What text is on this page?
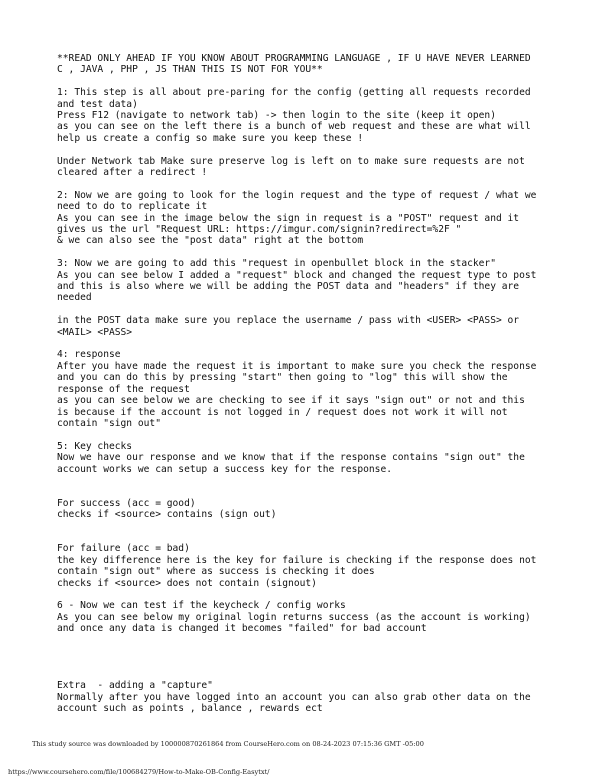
**READ ONLY AHEAD IF YOU KNOW ABOUT PROGRAMMING LANGUAGE , IF U HAVE NEVER LEARNED

C , JAVA , PHP , JS THAN THIS IS NOT FOR YOU**

1: This step is all about pre-paring for the config (getting all requests recorded

and test data)

Press F12 (navigate to network tab) -> then login to the site (keep it open)

as you can see on the left there is a bunch of web request and these are what will

help us create a config so make sure you keep these !

Under Network tab Make sure preserve log is left on to make sure requests are not

cleared after a redirect !

2: Now we are going to look for the login request and the type of request / what we

need to do to replicate it

As you can see in the image below the sign in request is a "POST" request and it

gives us the url "Request URL: https://imgur.com/signin?redirect=%2F "

& we can also see the "post data" right at the bottom

3: Now we are going to add this "request in openbullet block in the stacker"

As you can see below I added a "request" block and changed the request type to post

and this is also where we will be adding the POST data and "headers" if they are

needed

in the POST data make sure you replace the username / pass with <USER> <PASS> or

<MAIL> <PASS>

4: response

After you have made the request it is important to make sure you check the response

and you can do this by pressing "start" then going to "log" this will show the

response of the request

as you can see below we are checking to see if it says "sign out" or not and this

is because if the account is not logged in / request does not work it will not

contain "sign out"

5: Key checks

Now we have our response and we know that if the response contains "sign out" the

account works we can setup a success key for the response.

For success (acc = good)

checks if <source> contains (sign out)

For failure (acc = bad)

the key difference here is the key for failure is checking if the response does not

contain "sign out" where as success is checking it does

checks if <source> does not contain (signout)

6 - Now we can test if the keycheck / config works

As you can see below my original login returns success (as the account is working)

and once any data is changed it becomes "failed" for bad account

Extra  - adding a "capture"

Normally after you have logged into an account you can also grab other data on the

account such as points , balance , rewards ect

This study source was downloaded by 100000870261864 from CourseHero.com on 08-24-2023 07:15:36 GMT -05:00
https://www.coursehero.com/file/100684279/How-to-Make-OB-Config-Easytxt/
